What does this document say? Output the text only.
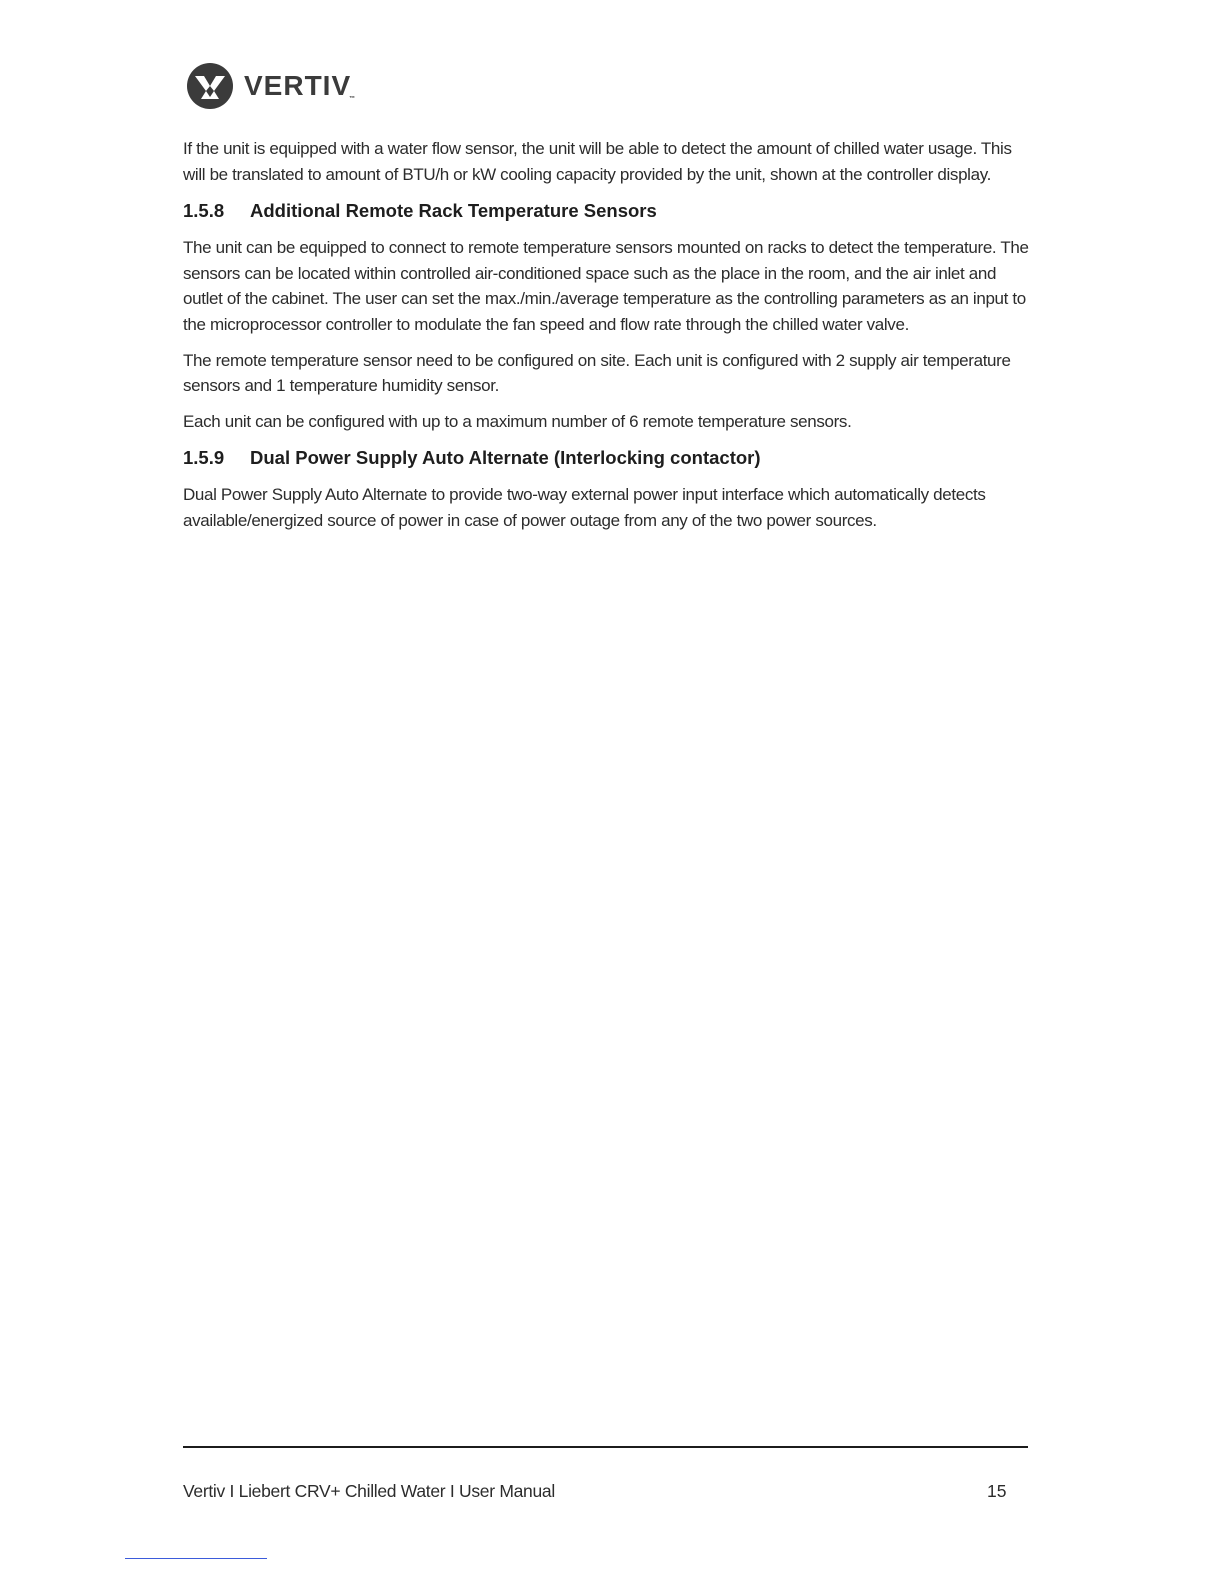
VERTIV™

If the unit is equipped with a water flow sensor, the unit will be able to detect the amount of chilled water usage. This will be translated to amount of BTU/h or kW cooling capacity provided by the unit, shown at the controller display.

1.5.8	Additional Remote Rack Temperature Sensors

The unit can be equipped to connect to remote temperature sensors mounted on racks to detect the temperature. The sensors can be located within controlled air-conditioned space such as the place in the room, and the air inlet and outlet of the cabinet. The user can set the max./min./average temperature as the controlling parameters as an input to the microprocessor controller to modulate the fan speed and flow rate through the chilled water valve.

The remote temperature sensor need to be configured on site. Each unit is configured with 2 supply air temperature sensors and 1 temperature humidity sensor.

Each unit can be configured with up to a maximum number of 6 remote temperature sensors.

1.5.9	Dual Power Supply Auto Alternate (Interlocking contactor)

Dual Power Supply Auto Alternate to provide two-way external power input interface which automatically detects available/energized source of power in case of power outage from any of the two power sources.

Vertiv I Liebert CRV+ Chilled Water I User Manual	15
